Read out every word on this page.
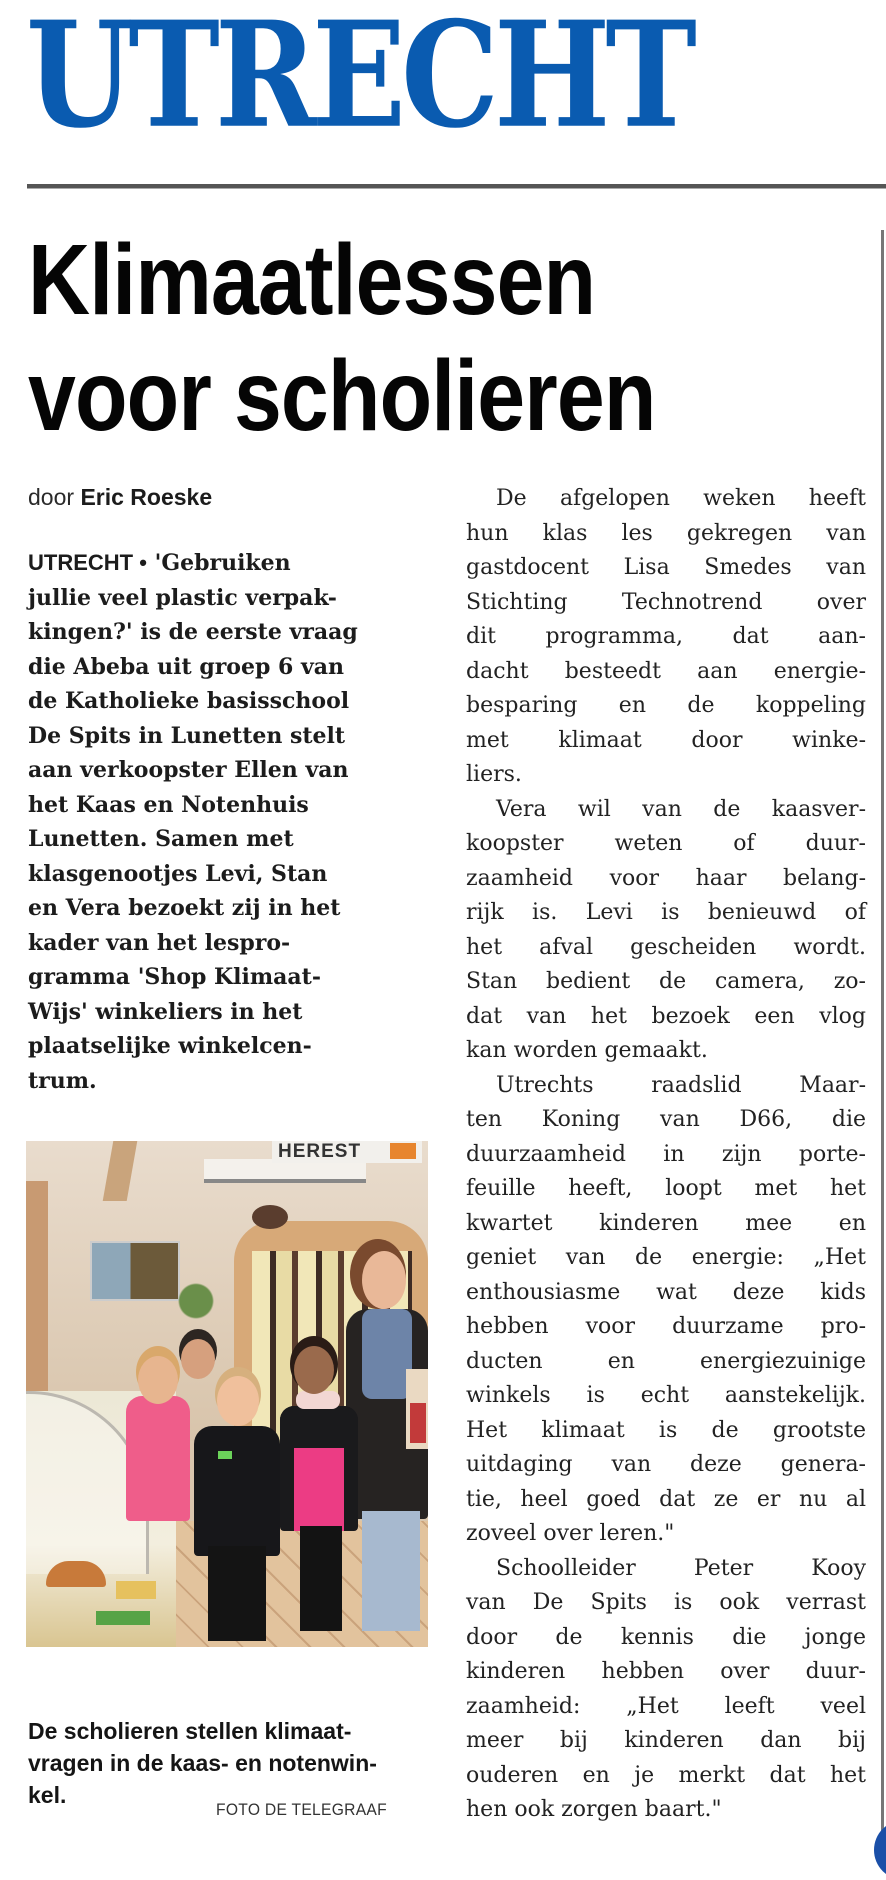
UTRECHT
Klimaatlessen
voor scholieren
door Eric Roeske
UTRECHT • 'Gebruiken
jullie veel plastic verpak-
kingen?' is de eerste vraag
die Abeba uit groep 6 van
de Katholieke basisschool
De Spits in Lunetten stelt
aan verkoopster Ellen van
het Kaas en Notenhuis
Lunetten. Samen met
klasgenootjes Levi, Stan
en Vera bezoekt zij in het
kader van het lespro-
gramma 'Shop Klimaat-
Wijs' winkeliers in het
plaatselijke winkelcen-
trum.
De afgelopen weken heeft
hun klas les gekregen van
gastdocent Lisa Smedes van
Stichting Technotrend over
dit programma, dat aan-
dacht besteedt aan energie-
besparing en de koppeling
met klimaat door winke-
liers.
Vera wil van de kaasver-
koopster weten of duur-
zaamheid voor haar belang-
rijk is. Levi is benieuwd of
het afval gescheiden wordt.
Stan bedient de camera, zo-
dat van het bezoek een vlog
kan worden gemaakt.
Utrechts raadslid Maar-
ten Koning van D66, die
duurzaamheid in zijn porte-
feuille heeft, loopt met het
kwartet kinderen mee en
geniet van de energie: „Het
enthousiasme wat deze kids
hebben voor duurzame pro-
ducten en energiezuinige
winkels is echt aanstekelijk.
Het klimaat is de grootste
uitdaging van deze genera-
tie, heel goed dat ze er nu al
zoveel over leren."
Schoolleider Peter Kooy
van De Spits is ook verrast
door de kennis die jonge
kinderen hebben over duur-
zaamheid: „Het leeft veel
meer bij kinderen dan bij
ouderen en je merkt dat het
hen ook zorgen baart."
HEREST
De scholieren stellen klimaat-
vragen in de kaas- en notenwin-
kel.
FOTO DE TELEGRAAF
